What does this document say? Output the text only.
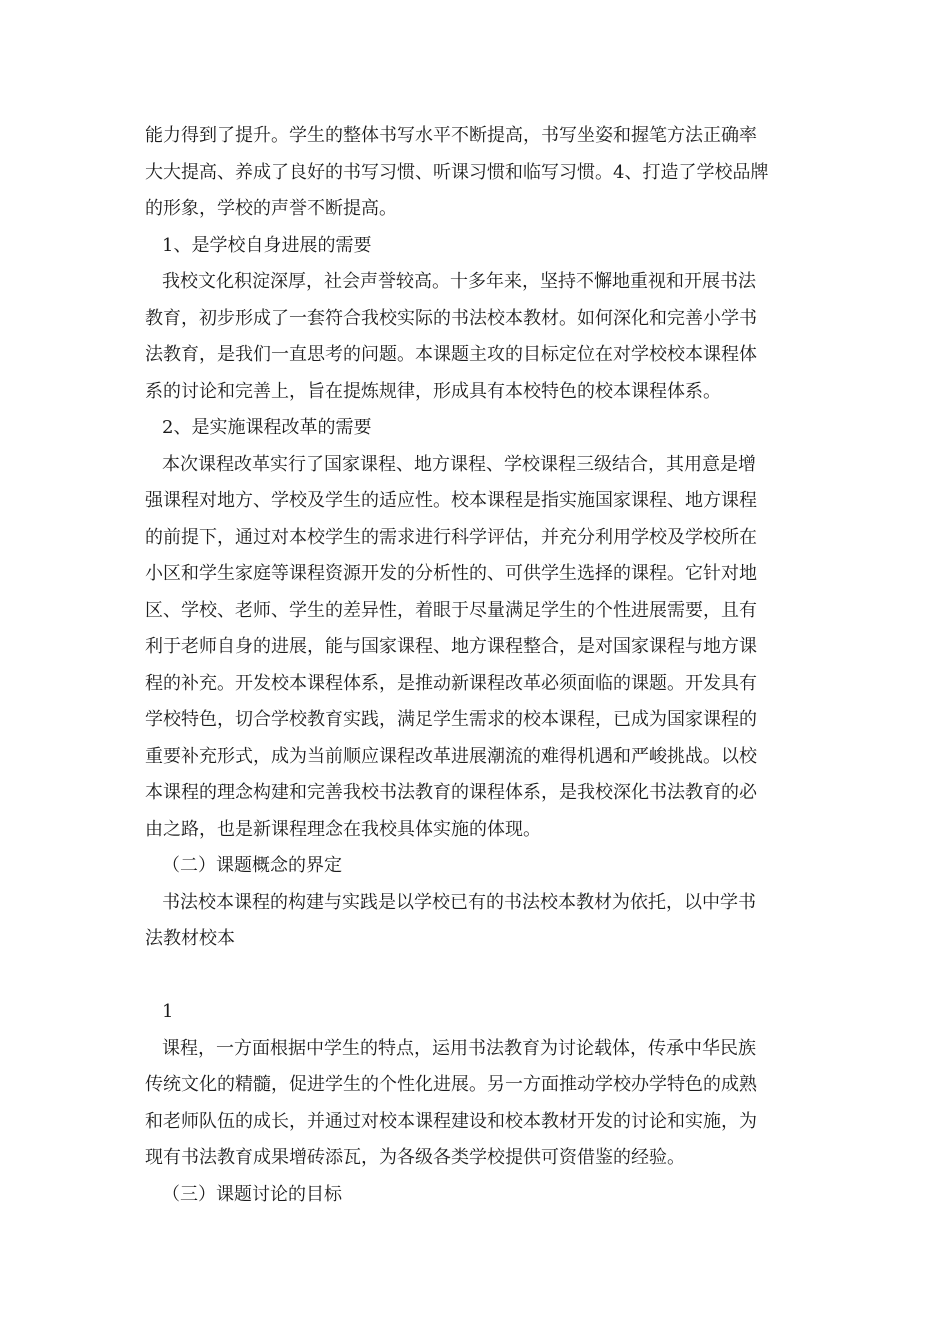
能力得到了提升。学生的整体书写水平不断提高，书写坐姿和握笔方法正确率
大大提高、养成了良好的书写习惯、听课习惯和临写习惯。4、打造了学校品牌
的形象，学校的声誉不断提高。
1、是学校自身进展的需要
我校文化积淀深厚，社会声誉较高。十多年来，坚持不懈地重视和开展书法
教育，初步形成了一套符合我校实际的书法校本教材。如何深化和完善小学书
法教育，是我们一直思考的问题。本课题主攻的目标定位在对学校校本课程体
系的讨论和完善上，旨在提炼规律，形成具有本校特色的校本课程体系。
2、是实施课程改革的需要
本次课程改革实行了国家课程、地方课程、学校课程三级结合，其用意是增
强课程对地方、学校及学生的适应性。校本课程是指实施国家课程、地方课程
的前提下，通过对本校学生的需求进行科学评估，并充分利用学校及学校所在
小区和学生家庭等课程资源开发的分析性的、可供学生选择的课程。它针对地
区、学校、老师、学生的差异性，着眼于尽量满足学生的个性进展需要，且有
利于老师自身的进展，能与国家课程、地方课程整合，是对国家课程与地方课
程的补充。开发校本课程体系，是推动新课程改革必须面临的课题。开发具有
学校特色，切合学校教育实践，满足学生需求的校本课程，已成为国家课程的
重要补充形式，成为当前顺应课程改革进展潮流的难得机遇和严峻挑战。以校
本课程的理念构建和完善我校书法教育的课程体系，是我校深化书法教育的必
由之路，也是新课程理念在我校具体实施的体现。
（二）课题概念的界定
书法校本课程的构建与实践是以学校已有的书法校本教材为依托，以中学书
法教材校本
1
课程，一方面根据中学生的特点，运用书法教育为讨论载体，传承中华民族
传统文化的精髓，促进学生的个性化进展。另一方面推动学校办学特色的成熟
和老师队伍的成长，并通过对校本课程建设和校本教材开发的讨论和实施，为
现有书法教育成果增砖添瓦，为各级各类学校提供可资借鉴的经验。
（三）课题讨论的目标
